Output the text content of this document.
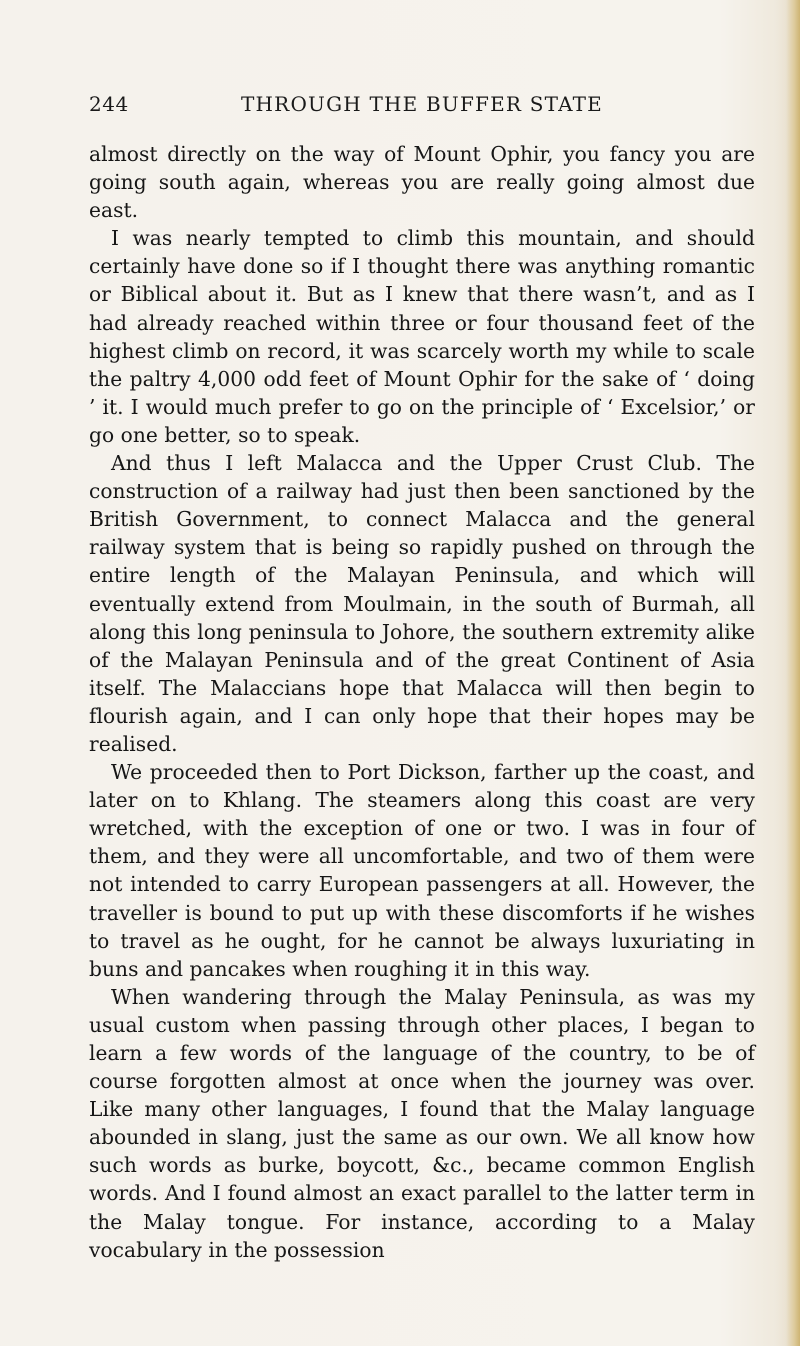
244	THROUGH THE BUFFER STATE

almost directly on the way of Mount Ophir, you fancy you are going south again, whereas you are really going almost due east.

I was nearly tempted to climb this mountain, and should certainly have done so if I thought there was anything romantic or Biblical about it. But as I knew that there wasn’t, and as I had already reached within three or four thousand feet of the highest climb on record, it was scarcely worth my while to scale the paltry 4,000 odd feet of Mount Ophir for the sake of ‘ doing ’ it. I would much prefer to go on the principle of ‘ Excelsior,’ or go one better, so to speak.

And thus I left Malacca and the Upper Crust Club. The construction of a railway had just then been sanctioned by the British Government, to connect Malacca and the general railway system that is being so rapidly pushed on through the entire length of the Malayan Peninsula, and which will eventually extend from Moulmain, in the south of Burmah, all along this long peninsula to Johore, the southern extremity alike of the Malayan Peninsula and of the great Continent of Asia itself. The Malaccians hope that Malacca will then begin to flourish again, and I can only hope that their hopes may be realised.

We proceeded then to Port Dickson, farther up the coast, and later on to Khlang. The steamers along this coast are very wretched, with the exception of one or two. I was in four of them, and they were all uncomfortable, and two of them were not intended to carry European passengers at all. However, the traveller is bound to put up with these discomforts if he wishes to travel as he ought, for he cannot be always luxuriating in buns and pancakes when roughing it in this way.

When wandering through the Malay Peninsula, as was my usual custom when passing through other places, I began to learn a few words of the language of the country, to be of course forgotten almost at once when the journey was over. Like many other languages, I found that the Malay language abounded in slang, just the same as our own. We all know how such words as burke, boycott, &c., became common English words. And I found almost an exact parallel to the latter term in the Malay tongue. For instance, according to a Malay vocabulary in the possession
